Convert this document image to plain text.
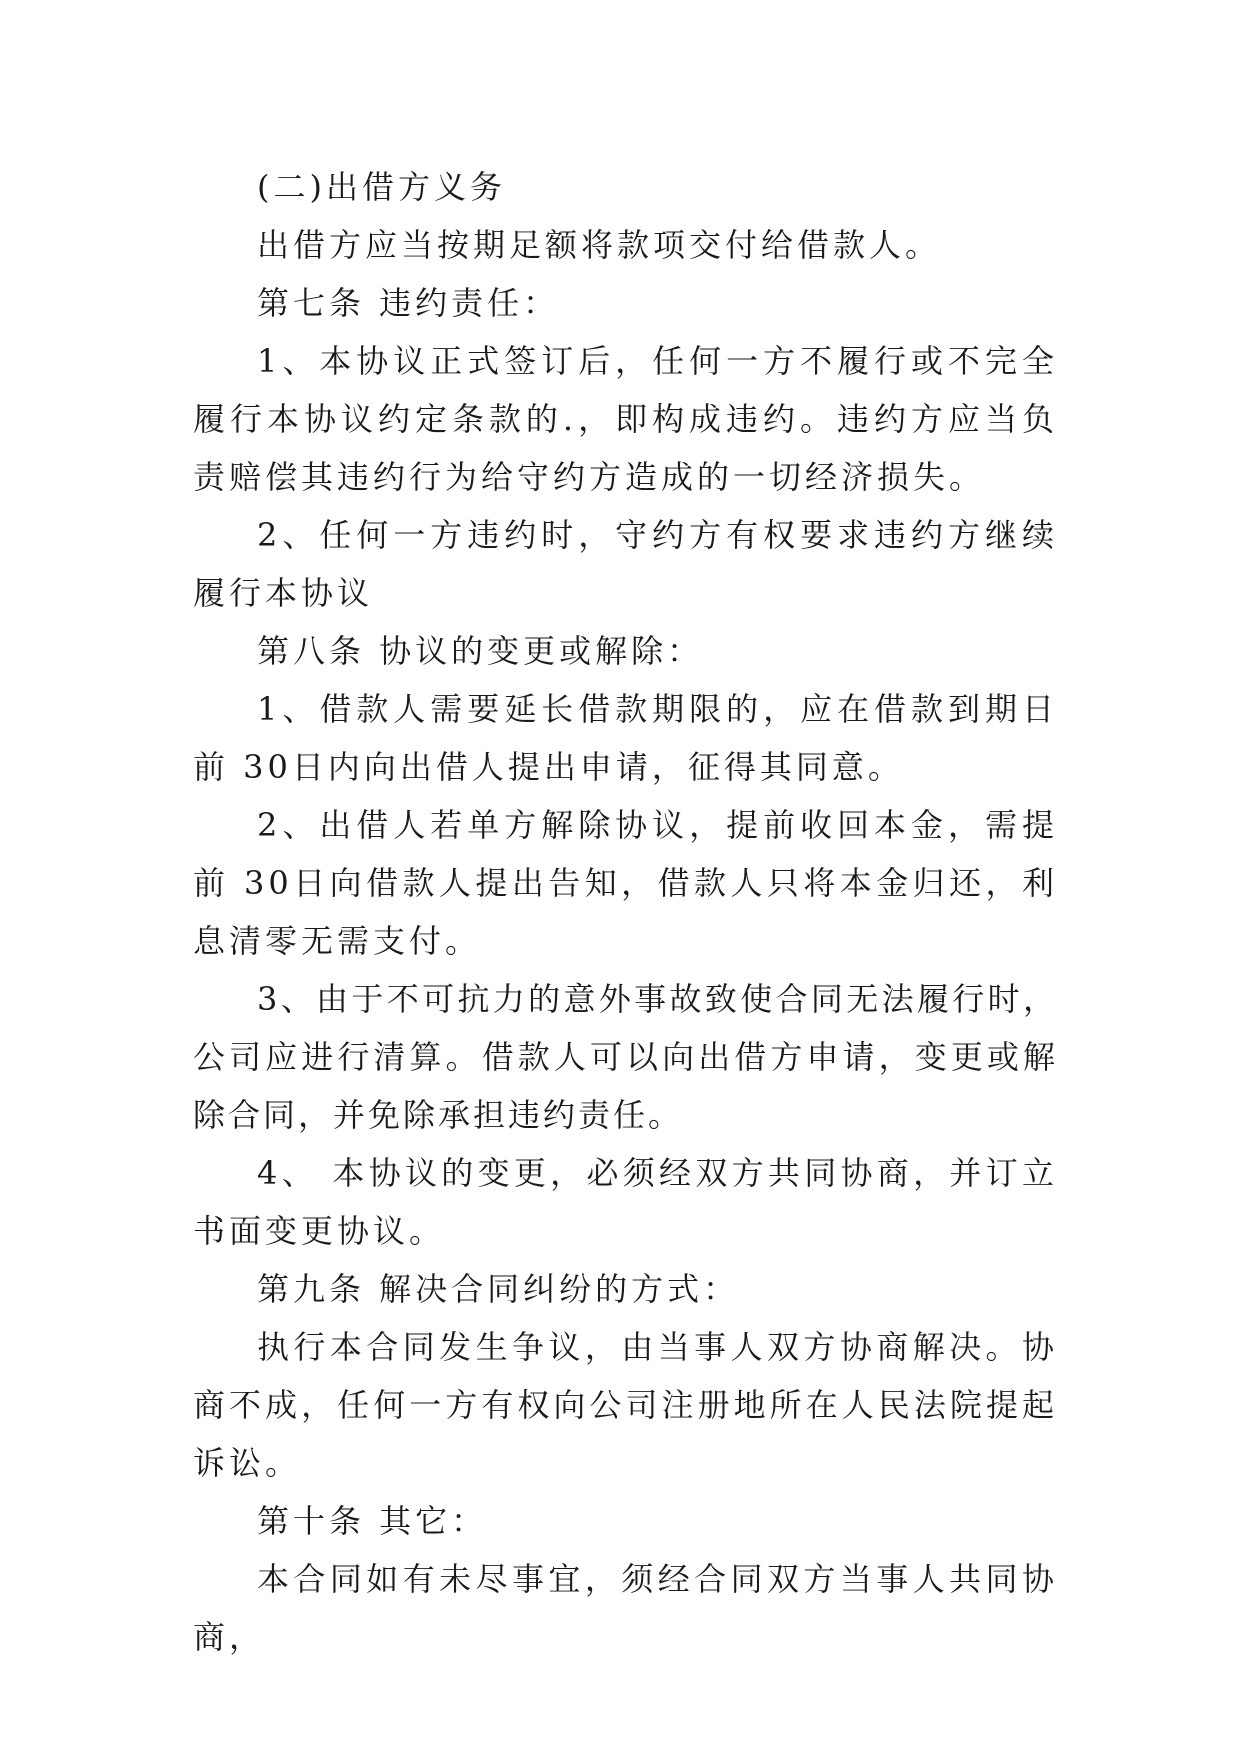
(二)出借方义务

出借方应当按期足额将款项交付给借款人。

第七条 违约责任：

1、本协议正式签订后，任何一方不履行或不完全履行本协议约定条款的.，即构成违约。违约方应当负责赔偿其违约行为给守约方造成的一切经济损失。

2、任何一方违约时，守约方有权要求违约方继续履行本协议

第八条 协议的变更或解除：

1、借款人需要延长借款期限的，应在借款到期日前 30日内向出借人提出申请，征得其同意。

2、出借人若单方解除协议，提前收回本金，需提前 30日向借款人提出告知，借款人只将本金归还，利息清零无需支付。

3、由于不可抗力的意外事故致使合同无法履行时，公司应进行清算。借款人可以向出借方申请，变更或解除合同，并免除承担违约责任。

4、 本协议的变更，必须经双方共同协商，并订立书面变更协议。

第九条 解决合同纠纷的方式：

执行本合同发生争议，由当事人双方协商解决。协商不成，任何一方有权向公司注册地所在人民法院提起诉讼。

第十条 其它：

本合同如有未尽事宜，须经合同双方当事人共同协商，
